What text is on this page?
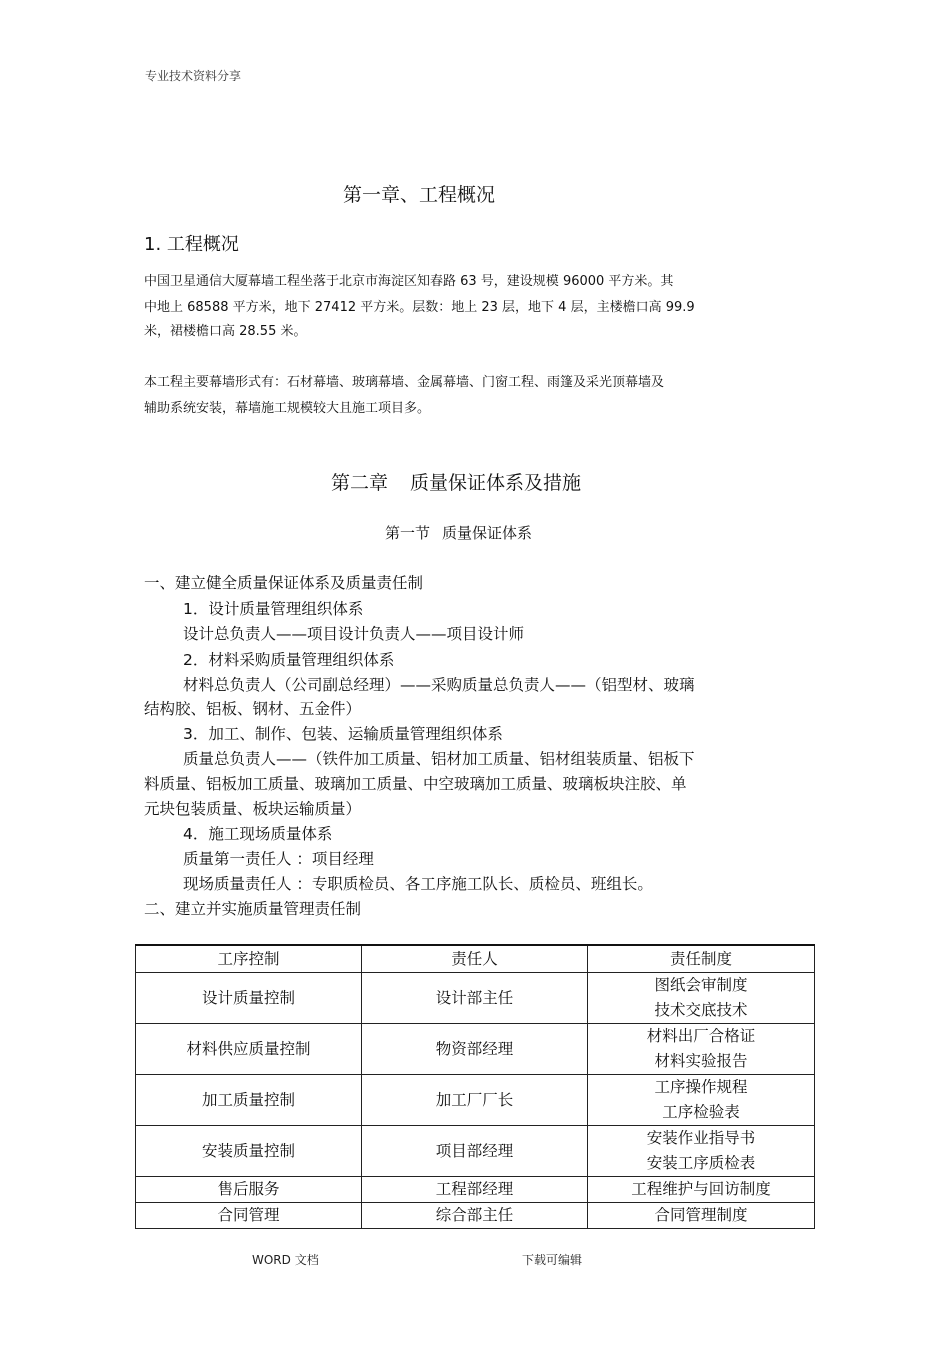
专业技术资料分享
第一章、工程概况
1. 工程概况
中国卫星通信大厦幕墙工程坐落于北京市海淀区知春路 63 号，建设规模 96000 平方米。其
中地上 68588 平方米，地下 27412 平方米。层数：地上 23 层，地下 4 层，主楼檐口高 99.9
米，裙楼檐口高 28.55 米。
本工程主要幕墙形式有：石材幕墙、玻璃幕墙、金属幕墙、门窗工程、雨篷及采光顶幕墙及
辅助系统安装，幕墙施工规模较大且施工项目多。
第二章 质量保证体系及措施
第一节 质量保证体系
一、建立健全质量保证体系及质量责任制
1．设计质量管理组织体系
设计总负责人——项目设计负责人——项目设计师
2．材料采购质量管理组织体系
材料总负责人（公司副总经理）——采购质量总负责人——（铝型材、玻璃
结构胶、铝板、钢材、五金件）
3．加工、制作、包装、运输质量管理组织体系
质量总负责人——（铁件加工质量、铝材加工质量、铝材组装质量、铝板下
料质量、铝板加工质量、玻璃加工质量、中空玻璃加工质量、玻璃板块注胶、单
元块包装质量、板块运输质量）
4．施工现场质量体系
质量第一责任人 ：项目经理
现场质量责任人 ：专职质检员、各工序施工队长、质检员、班组长。
二、建立并实施质量管理责任制
工序控制	责任人	责任制度
设计质量控制	设计部主任	图纸会审制度
技术交底技术

材料供应质量控制	物资部经理	材料出厂合格证
材料实验报告

加工质量控制	加工厂厂长	工序操作规程
工序检验表

安装质量控制	项目部经理	安装作业指导书
安装工序质检表

售后服务	工程部经理	工程维护与回访制度
合同管理	综合部主任	合同管理制度
WORD 文档	下载可编辑
